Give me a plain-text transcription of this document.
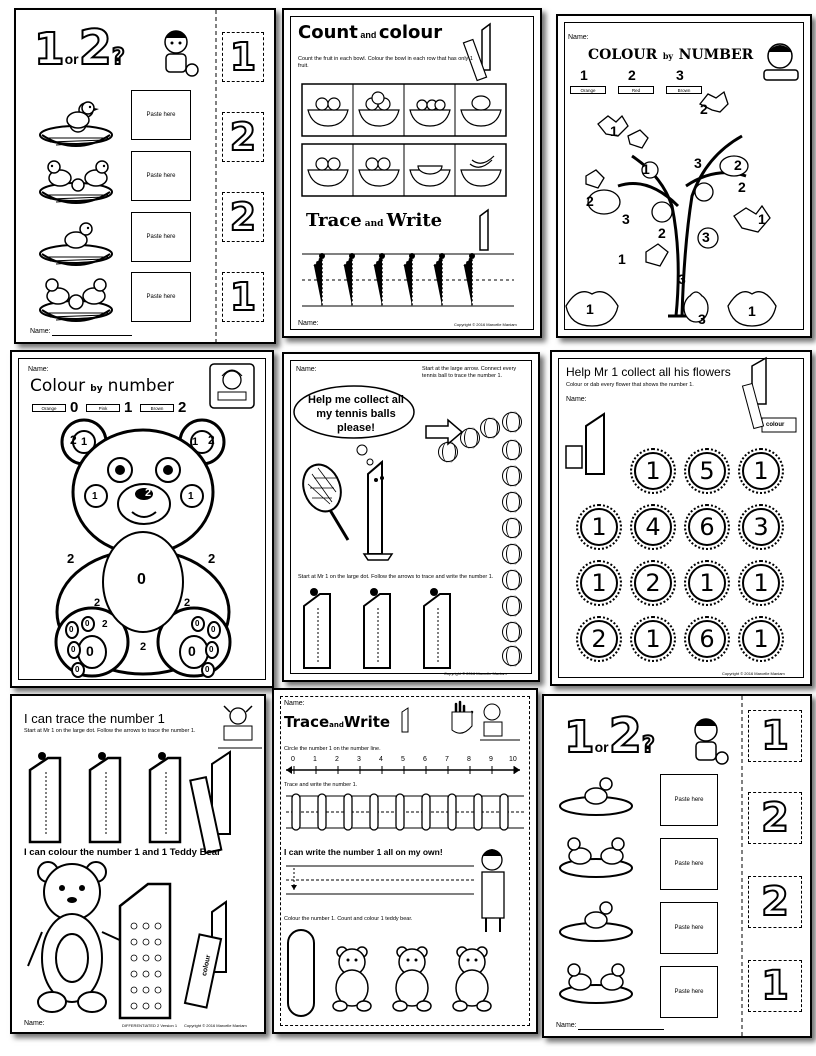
1or2?
Paste here
Paste here
Paste here
Paste here
1
2
2
1
Name:
Count and colour
Count the fruit in each bowl. Colour the bowl in each row that has only 1 fruit.
Trace and Write
Name:	Copyright © 2016 Marcelle Maniam
Name:
COLOUR by NUMBER
1	2	3
Orange	Red	Brown
2
1
2
3
1
2
3
2
2
1
3
1
3
1
3	1
Name:
Colour by number
0	1	2
Orange	Pink	Brown
2 1	1 2
1	2	1
2	2
0
2	2
2
0	0
2
0
0
0
0
0
0
0
0
Name:	Start at the large arrow. Connect every tennis ball to trace the number 1.
Help me collect all my tennis balls please!
Start at Mr 1 on the large dot. Follow the arrows to trace and write the number 1.
Copyright © 2016 Marcelle Maniam
Help Mr 1 collect all his flowers
Colour or dab every flower that shows the number 1.
Name:
colour
1	5	1
1	4	6	3
1	2	1	1
2	1	6	1
Copyright © 2016 Marcelle Maniam
I can trace the number 1
Start at Mr 1 on the large dot. Follow the arrows to trace the number 1.
I can colour the number 1 and 1 Teddy Bear
colour
Name:	DIFFERENTIATED 2 Version 1 Copyright © 2016 Marcelle Maniam
Name:
TraceandWrite
Circle the number 1 on the number line.
0	1	2	3	4	5	6	7	8	9 10
Trace and write the number 1.
I can write the number 1 all on my own!
Colour the number 1. Count and colour 1 teddy bear.
1or2?
Paste here
Paste here
Paste here
Paste here
1
2
2
1
Name:
